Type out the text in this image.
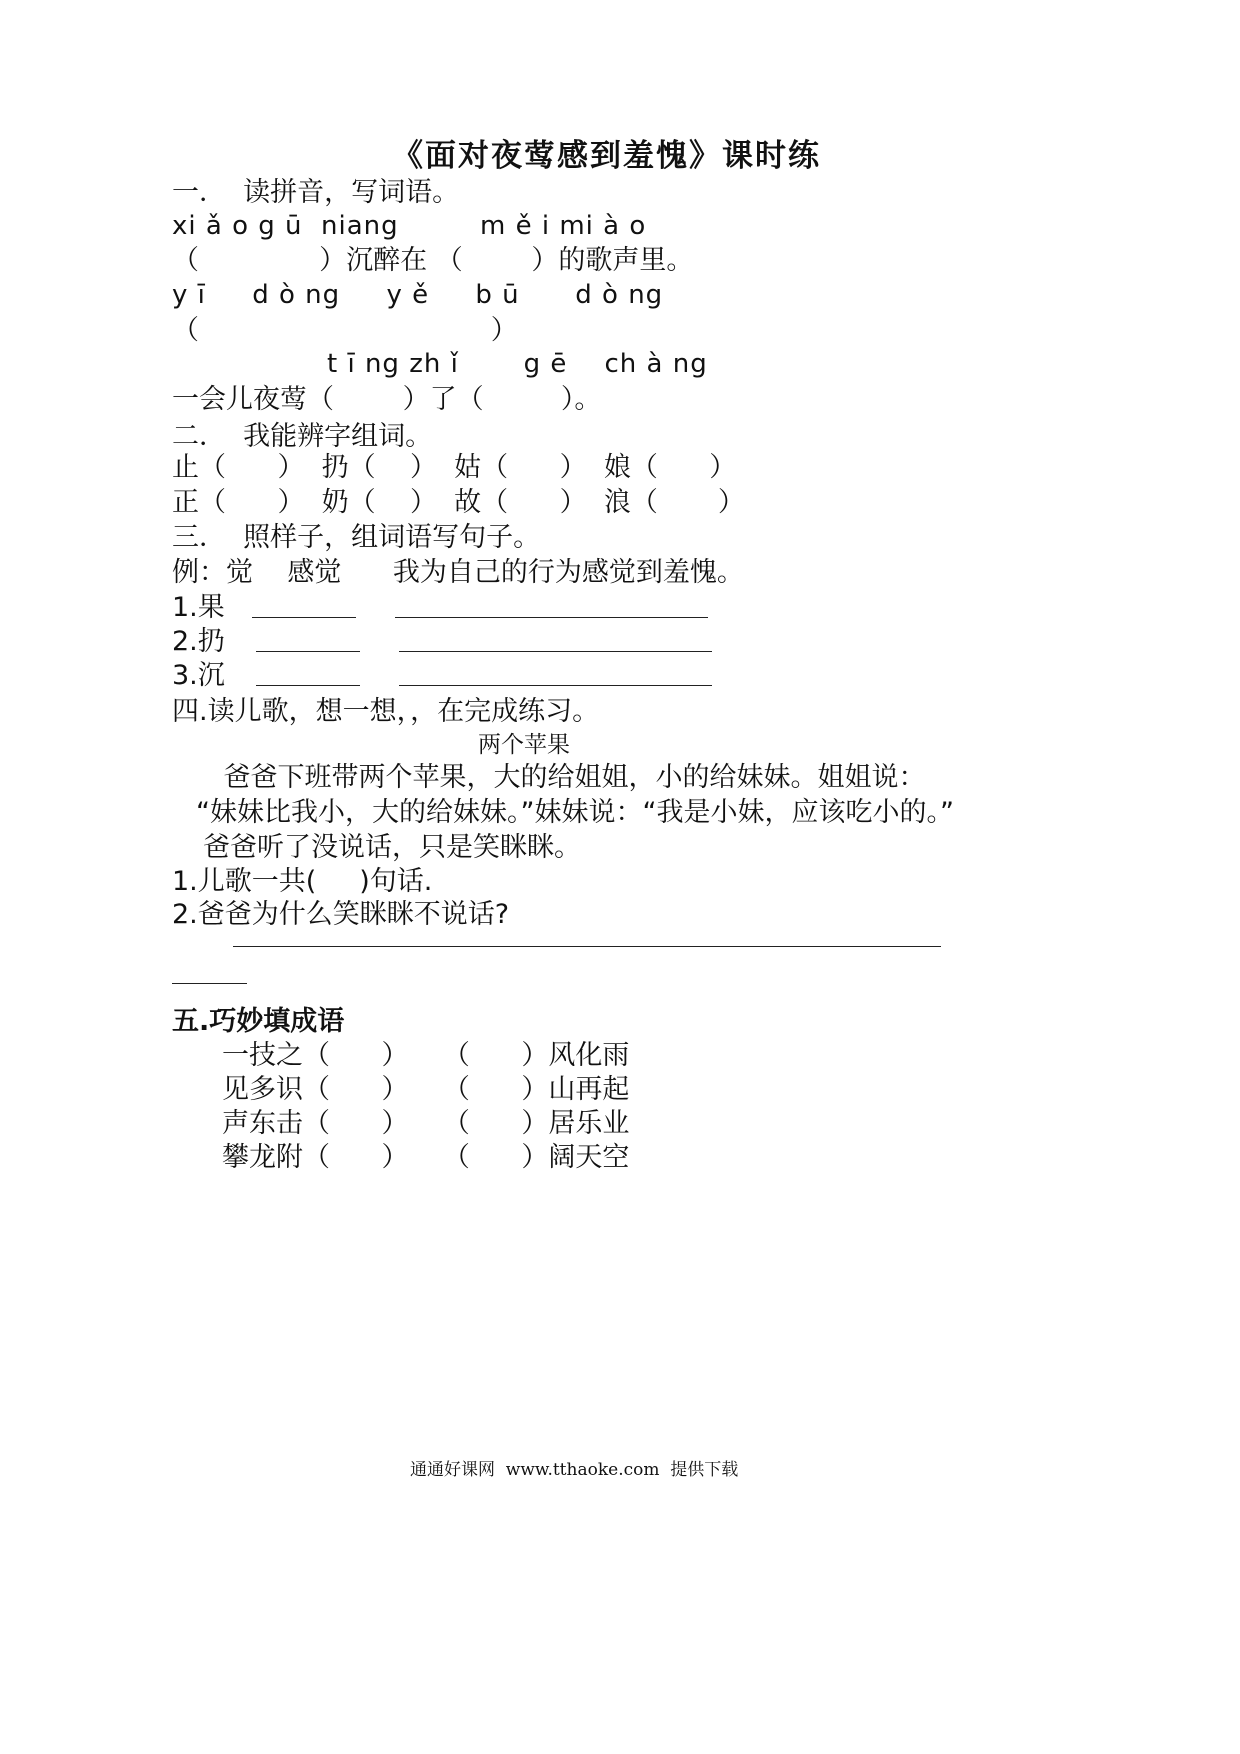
《面对夜莺感到羞愧》课时练
一．  读拼音，写词语。
xi ǎ o g ū  niang	m ě i mi à o
（              ）沉醉在 （        ）的歌声里。
y ī     d ò ng     y ě     b ū      d ò ng
（                                  ）
t ī ng zh ǐ       g ē    ch à ng
一会儿夜莺（        ）了（         ）。
二．  我能辨字组词。
止（      ）  扔（    ）  姑（      ）  娘（      ）
正（      ）  奶（    ）  故（      ）  浪（       ）
三．  照样子，组词语写句子。
例：觉    感觉      我为自己的行为感觉到羞愧。
1.果
2.扔
3.沉
四.读儿歌，想一想，，在完成练习。
两个苹果
爸爸下班带两个苹果，大的给姐姐，小的给妹妹。姐姐说：
“妹妹比我小，大的给妹妹。”妹妹说：“我是小妹，应该吃小的。”
爸爸听了没说话，只是笑眯眯。
1.儿歌一共(     )句话.
2.爸爸为什么笑眯眯不说话?
五.巧妙填成语
一技之（      ）    （      ）风化雨
见多识（      ）    （      ）山再起
声东击（      ）    （      ）居乐业
攀龙附（      ）    （      ）阔天空
通通好课网  www.tthaoke.com  提供下载
